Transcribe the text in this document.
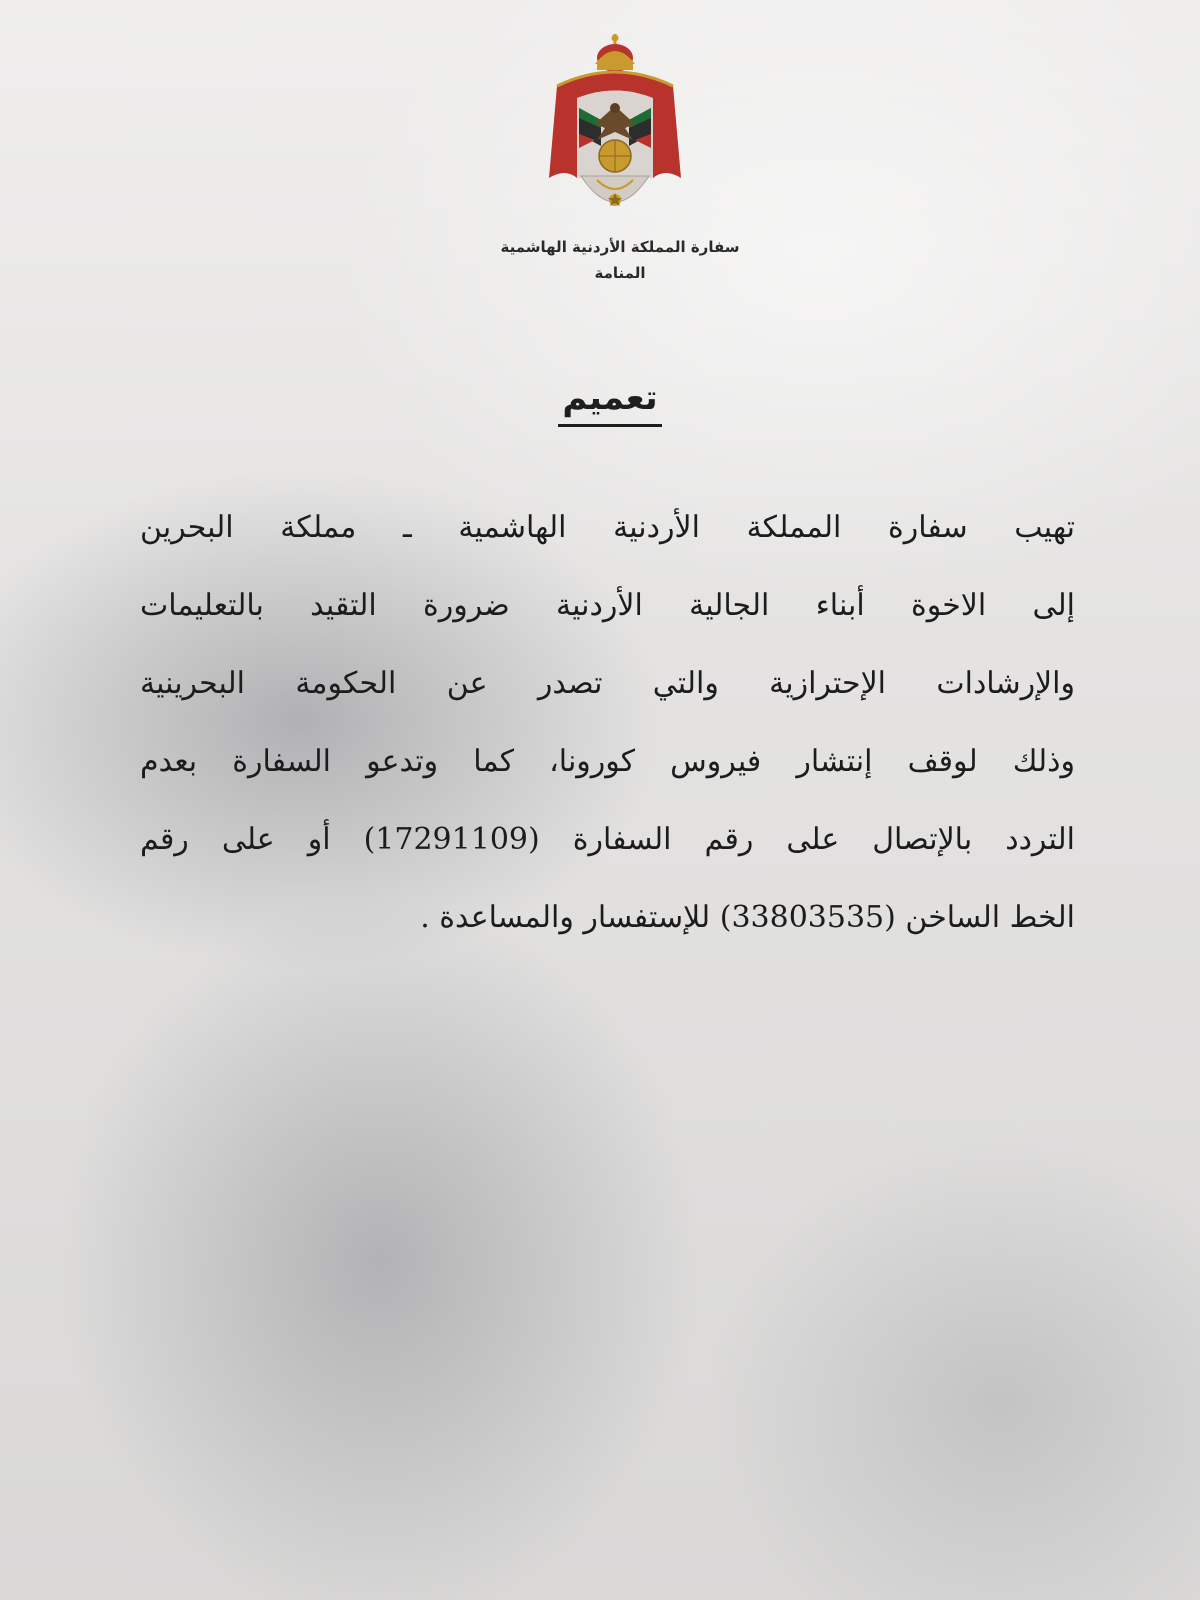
سفارة المملكة الأردنية الهاشمية
المنامة
تعميم
تهيب سفارة المملكة الأردنية الهاشمية ـ مملكة البحرين
إلى الاخوة أبناء الجالية الأردنية ضرورة التقيد بالتعليمات
والإرشادات الإحترازية والتي تصدر عن الحكومة البحرينية
وذلك لوقف إنتشار فيروس كورونا، كما وتدعو السفارة بعدم
التردد بالإتصال على رقم السفارة (17291109) أو على رقم
الخط الساخن (33803535) للإستفسار والمساعدة .
